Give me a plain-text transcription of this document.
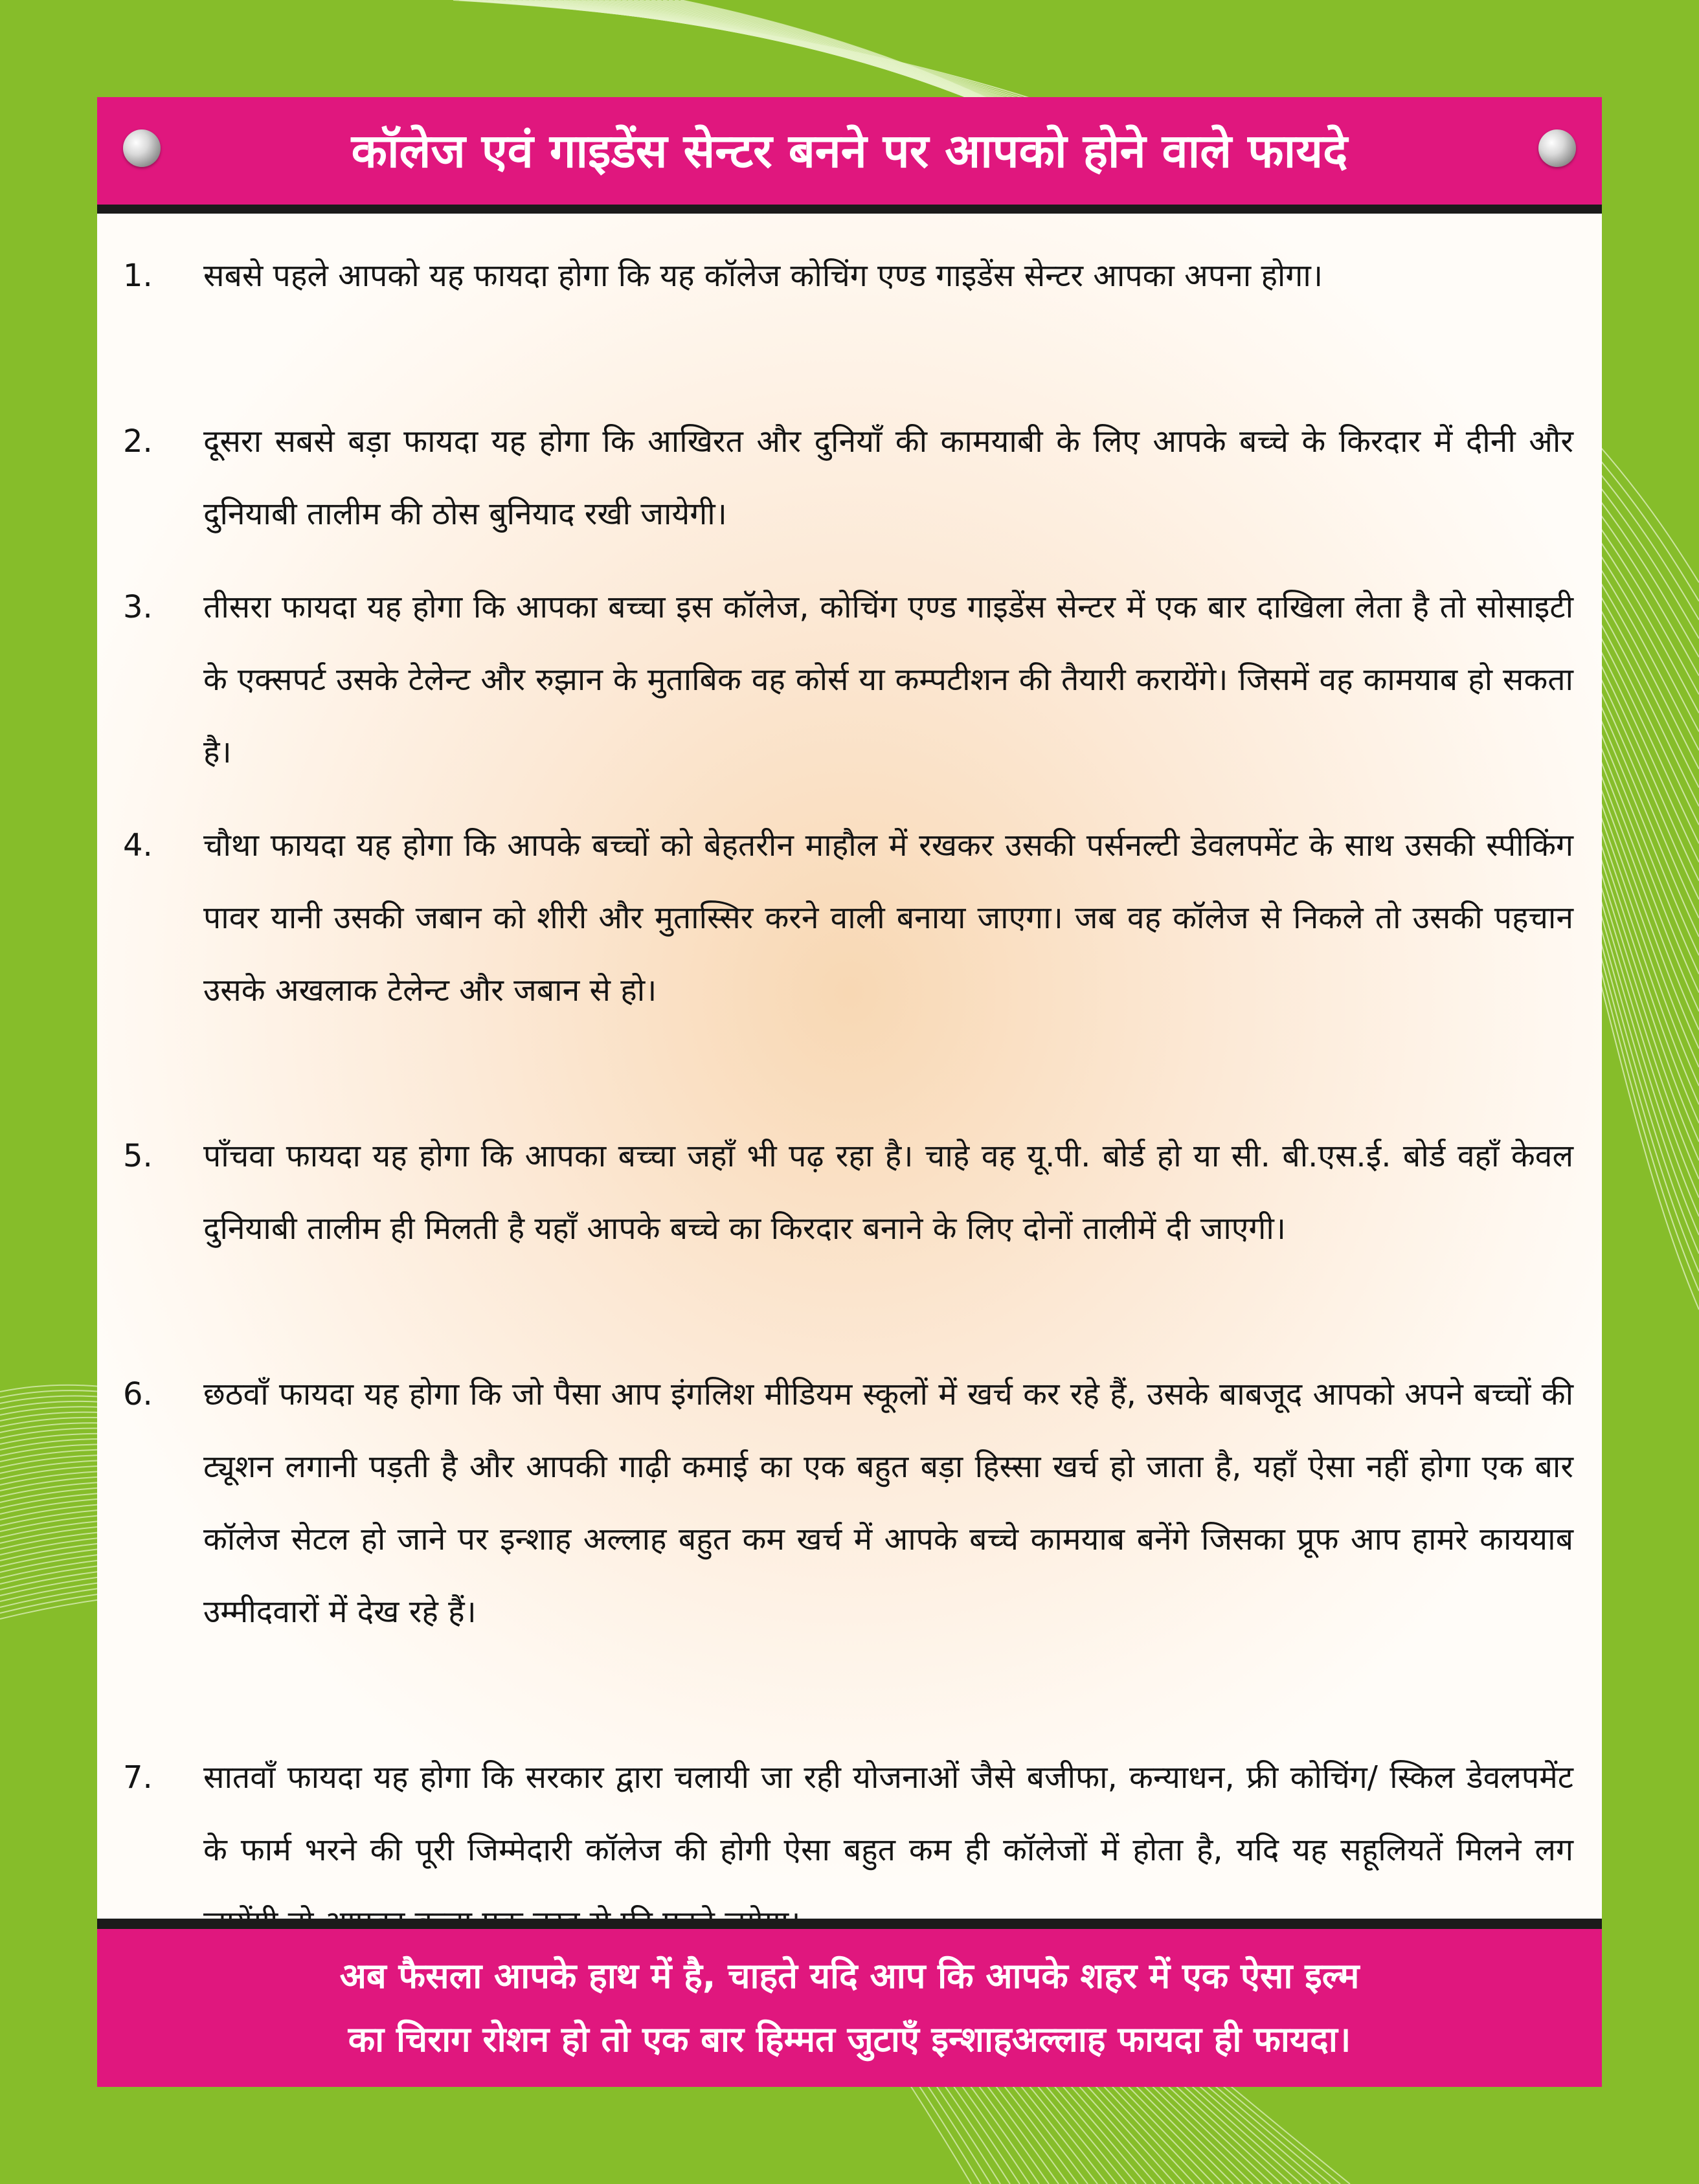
कॉलेज एवं गाइडेंस सेन्टर बनने पर आपको होने वाले फायदे
1.	सबसे पहले आपको यह फायदा होगा कि यह कॉलेज कोचिंग एण्ड गाइडेंस सेन्टर आपका अपना होगा।
2.	दूसरा सबसे बड़ा फायदा यह होगा कि आखिरत और दुनियाँ की कामयाबी के लिए आपके बच्चे के किरदार में दीनी और दुनियाबी तालीम की ठोस बुनियाद रखी जायेगी।
3.	तीसरा फायदा यह होगा कि आपका बच्चा इस कॉलेज, कोचिंग एण्ड गाइडेंस सेन्टर में एक बार दाखिला लेता है तो सोसाइटी के एक्सपर्ट उसके टेलेन्ट और रुझान के मुताबिक वह कोर्स या कम्पटीशन की तैयारी करायेंगे। जिसमें वह कामयाब हो सकता है।
4.	चौथा फायदा यह होगा कि आपके बच्चों को बेहतरीन माहौल में रखकर उसकी पर्सनल्टी डेवलपमेंट के साथ उसकी स्पीकिंग पावर यानी उसकी जबान को शीरी और मुतास्सिर करने वाली बनाया जाएगा। जब वह कॉलेज से निकले तो उसकी पहचान उसके अखलाक टेलेन्ट और जबान से हो।
5.	पाँचवा फायदा यह होगा कि आपका बच्चा जहाँ भी पढ़ रहा है। चाहे वह यू.पी. बोर्ड हो या सी. बी.एस.ई. बोर्ड वहाँ केवल दुनियाबी तालीम ही मिलती है यहाँ आपके बच्चे का किरदार बनाने के लिए दोनों तालीमें दी जाएगी।
6.	छठवाँ फायदा यह होगा कि जो पैसा आप इंगलिश मीडियम स्कूलों में खर्च कर रहे हैं, उसके बाबजूद आपको अपने बच्चों की ट्यूशन लगानी पड़ती है और आपकी गाढ़ी कमाई का एक बहुत बड़ा हिस्सा खर्च हो जाता है, यहाँ ऐसा नहीं होगा एक बार कॉलेज सेटल हो जाने पर इन्शाह अल्लाह बहुत कम खर्च में आपके बच्चे कामयाब बनेंगे जिसका प्रूफ आप हामरे काययाब उम्मीदवारों में देख रहे हैं।
7.	सातवाँ फायदा यह होगा कि सरकार द्वारा चलायी जा रही योजनाओं जैसे बजीफा, कन्याधन, फ्री कोचिंग/ स्किल डेवलपमेंट के फार्म भरने की पूरी जिम्मेदारी कॉलेज की होगी ऐसा बहुत कम ही कॉलेजों में होता है, यदि यह सहूलियतें मिलने लग
अब फैसला आपके हाथ में है, चाहते यदि आप कि आपके शहर में एक ऐसा इल्म
का चिराग रोशन हो तो एक बार हिम्मत जुटाएँ इन्शाहअल्लाह फायदा ही फायदा।
